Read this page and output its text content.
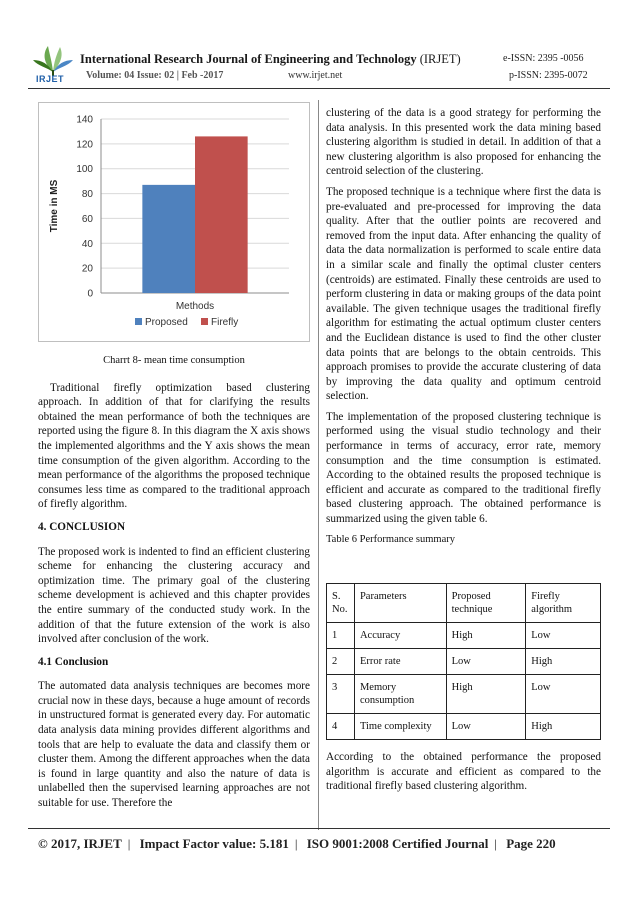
IRJET
International Research Journal of Engineering and Technology (IRJET)	e-ISSN: 2395 -0056
Volume: 04 Issue: 02 | Feb -2017	www.irjet.net	p-ISSN: 2395-0072
0
20
40
60
80
100
120
140
Methods
Time in MS
Proposed Firefly
Charrt 8- mean time consumption

Traditional firefly optimization based clustering approach. In addition of that for clarifying the results obtained the mean performance of both the techniques are reported using the figure 8. In this diagram the X axis shows the implemented algorithms and the Y axis shows the mean time consumption of the given algorithm. According to the mean performance of the algorithms the proposed technique consumes less time as compared to the traditional approach of firefly algorithm.

4. CONCLUSION

The proposed work is indented to find an efficient clustering scheme for enhancing the clustering accuracy and optimization time. The primary goal of the clustering scheme development is achieved and this chapter provides the entire summary of the conducted study work. In the addition of that the future extension of the work is also involved after conclusion of the work.

4.1 Conclusion

The automated data analysis techniques are becomes more crucial now in these days, because a huge amount of records in unstructured format is generated every day. For automatic data analysis data mining provides different algorithms and tools that are help to evaluate the data and classify them or cluster them. Among the different approaches when the data is found in large quantity and also the nature of data is unlabelled then the supervised learning approaches are not suitable for use. Therefore the

clustering of the data is a good strategy for performing the data analysis. In this presented work the data mining based clustering algorithm is studied in detail. In addition of that a new clustering algorithm is also proposed for enhancing the centroid selection of the clustering.

The proposed technique is a technique where first the data is pre-evaluated and pre-processed for improving the data quality. After that the outlier points are recovered and removed from the input data. After enhancing the quality of data the data normalization is performed to scale entire data in a similar scale and finally the optimal cluster centers (centroids) are estimated. Finally these centroids are used to perform clustering in data or making groups of the data point available. The given technique usages the traditional firefly algorithm for estimating the actual optimum cluster centers and the Euclidean distance is used to find the other cluster data points that are belongs to the obtain centroids. This approach promises to provide the accurate clustering of data by improving the data quality and optimum centroid selection.

The implementation of the proposed clustering technique is performed using the visual studio technology and their performance in terms of accuracy, error rate, memory consumption and the time consumption is estimated. According to the obtained results the proposed technique is efficient and accurate as compared to the traditional firefly based clustering approach. The obtained performance is summarized using the given table 6.

Table 6 Performance summary
S. No.	Parameters	Proposed technique	Firefly algorithm
1	Accuracy	High	Low
2	Error rate	Low	High
3	Memory consumption	High	Low
4	Time complexity	Low	High

According to the obtained performance the proposed algorithm is accurate and efficient as compared to the traditional firefly based clustering algorithm.

© 2017, IRJET | Impact Factor value: 5.181 | ISO 9001:2008 Certified Journal | Page 220
